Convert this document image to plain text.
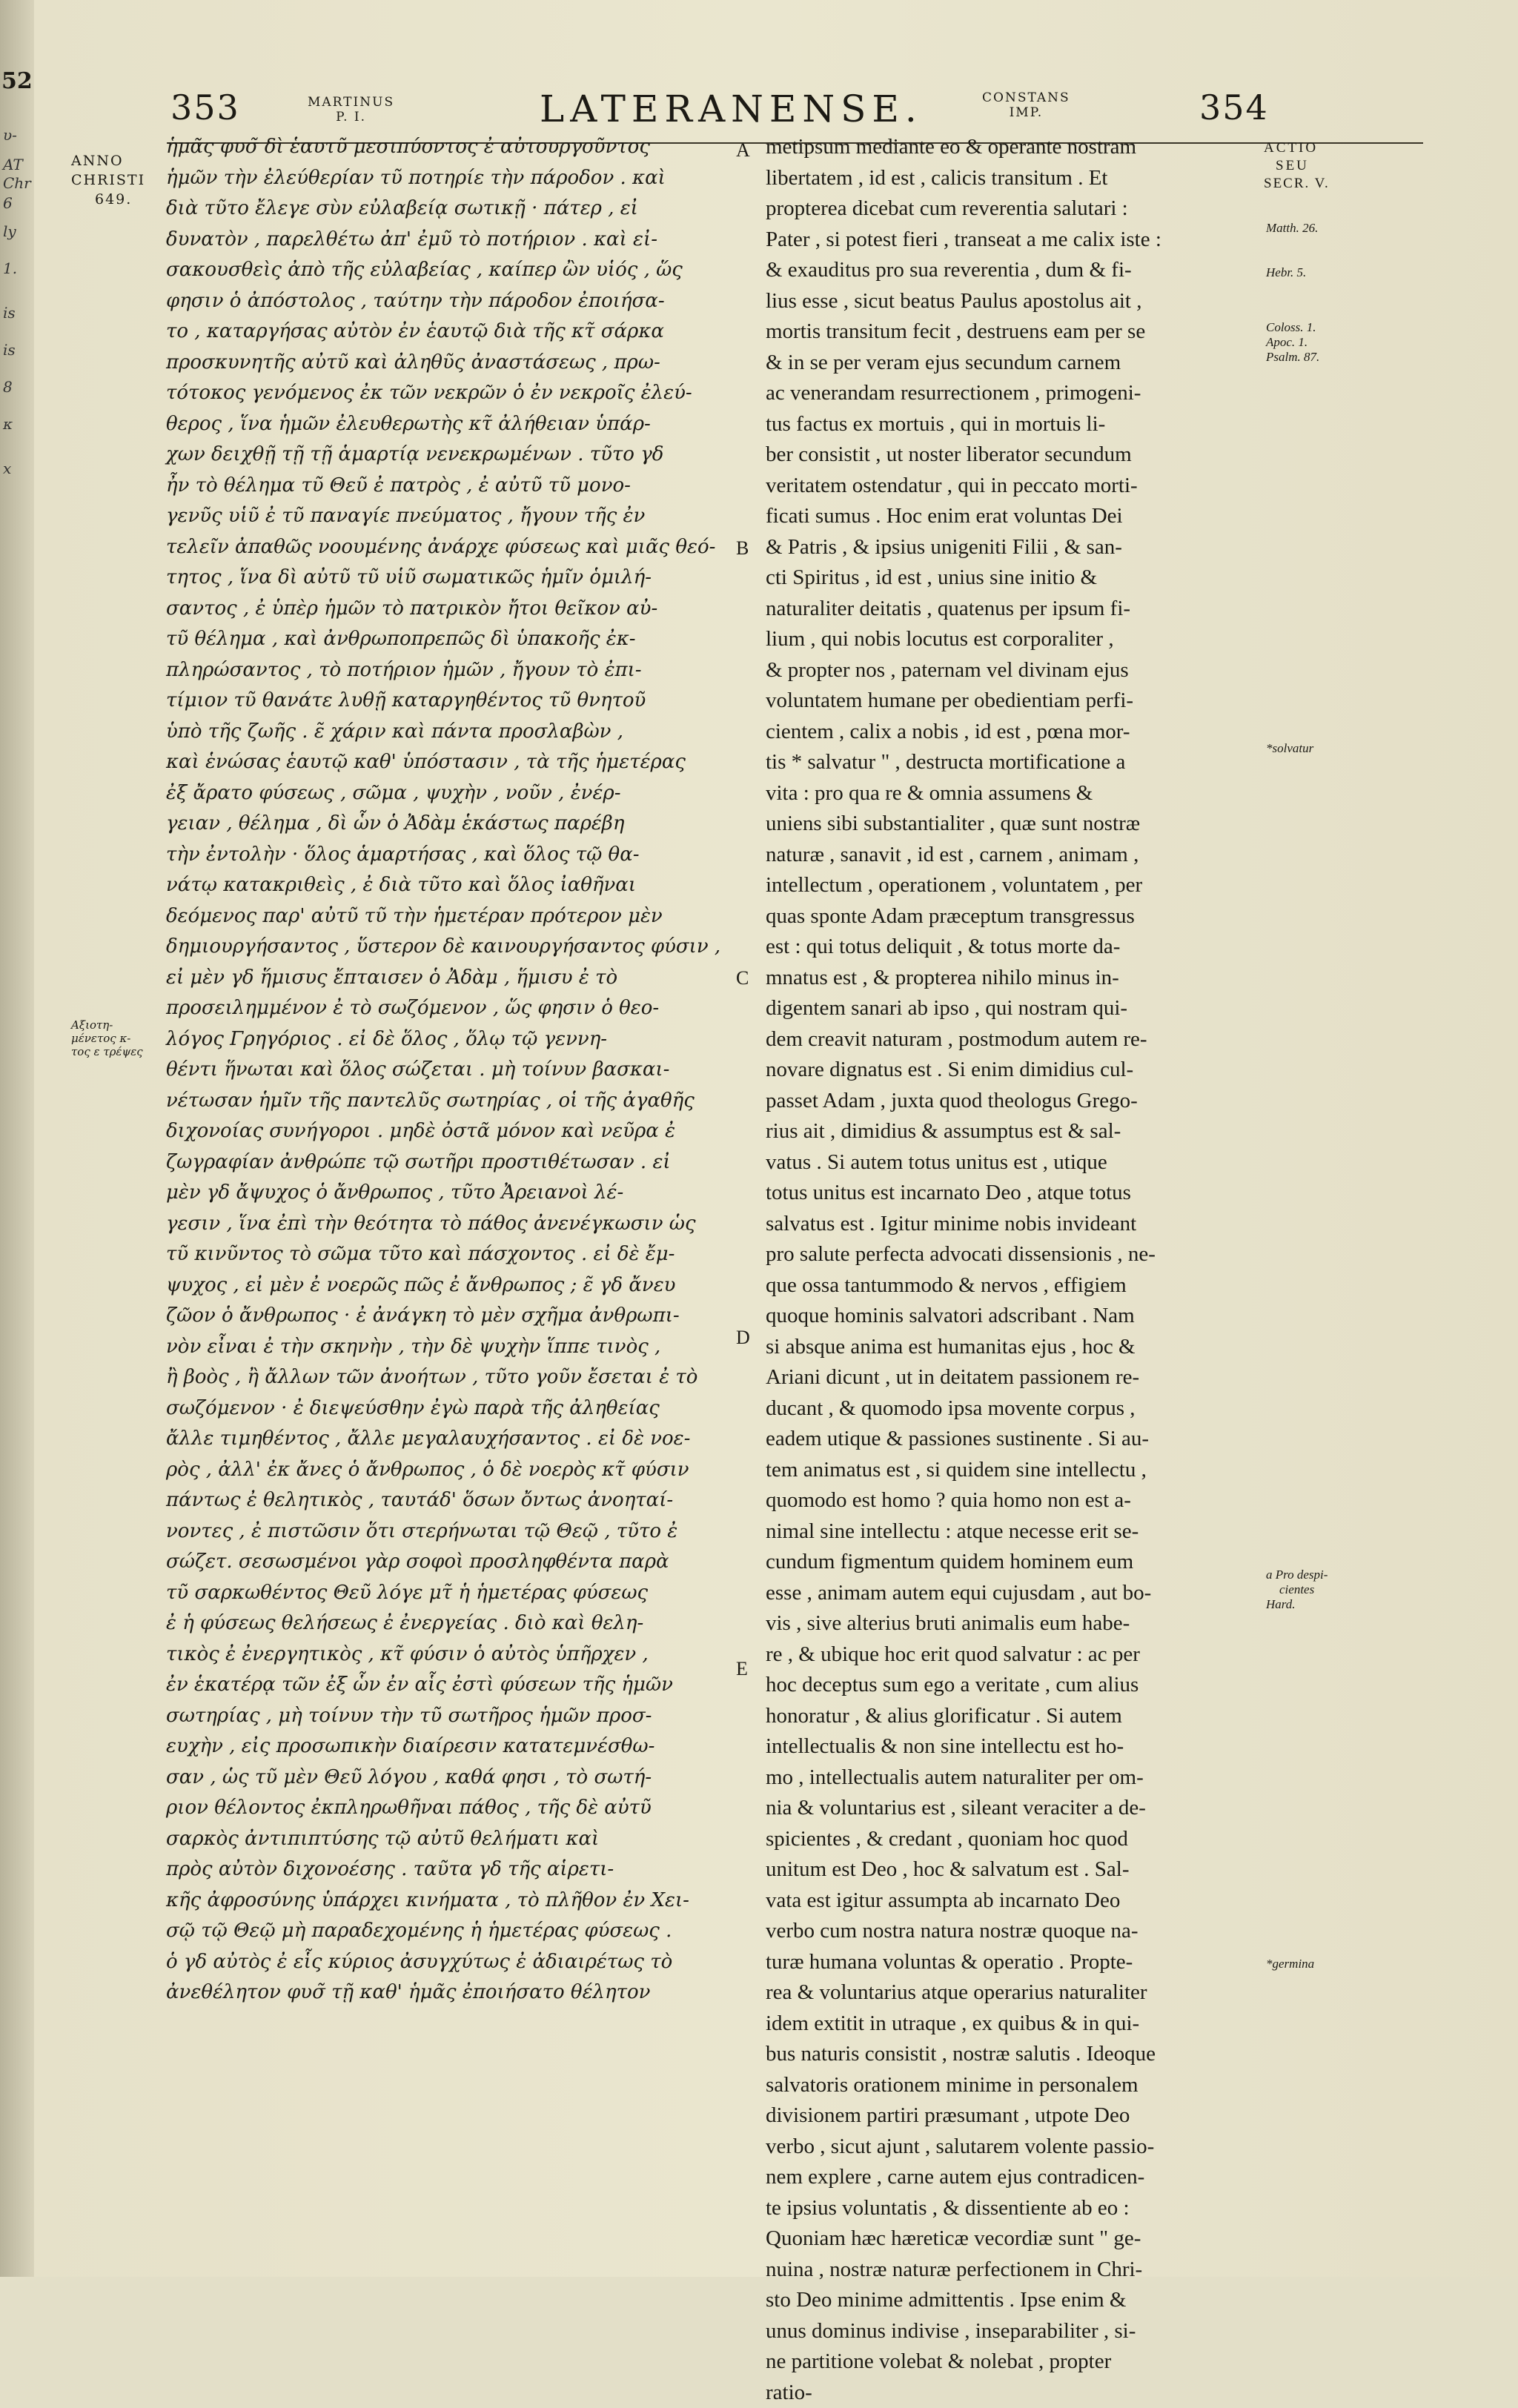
52
υ-
AT
Chr
6
ly
1.
is
is
8
κ
x
353	MARTINUS
P. I.	LATERANENSE.	CONSTANS
IMP.	354
ANNO
CHRISTI
649.
Αξιοτη-
μένετος κ-
τος ε τρέψες
ἡμᾶς φυσ̃ δὶ ἑαυτῦ μεσιπύοντος ἐ αὐτουργοῦντος
ἡμῶν τὴν ἐλεύθερίαν τῦ ποτηρίε τὴν πάροδον . καὶ
διὰ τῦτο ἔλεγε σὺν εὐλαβείᾳ σωτικῇ · πάτερ , εἰ
δυνατὸν , παρελθέτω ἀπ' ἐμῦ τὸ ποτήριον . καὶ εἰ-
σακουσθεὶς ἀπὸ τῆς εὐλαβείας , καίπερ ὢν υἱός , ὥς
φησιν ὁ ἀπόστολος , ταύτην τὴν πάροδον ἐποιήσα-
το , καταργήσας αὐτὸν ἐν ἑαυτῷ διὰ τῆς κτ̃ σάρκα
προσκυνητῆς αὐτῦ καὶ ἀληθῦς ἀναστάσεως , πρω-
τότοκος γενόμενος ἐκ τῶν νεκρῶν ὁ ἐν νεκροῖς ἐλεύ-
θερος , ἵνα ἡμῶν ἐλευθερωτὴς κτ̃ ἀλήθειαν ὑπάρ-
χων δειχθῇ τῇ τῇ ἁμαρτίᾳ νενεκρωμένων . τῦτο γδ
ἦν τὸ θέλημα τῦ Θεῦ ἐ πατρὸς , ἐ αὐτῦ τῦ μονο-
γενῦς υἱῦ ἐ τῦ παναγίε πνεύματος , ἤγουν τῆς ἐν
τελεῖν ἀπαθῶς νοουμένης ἀνάρχε φύσεως καὶ μιᾶς θεό-
τητος , ἵνα δὶ αὐτῦ τῦ υἱῦ σωματικῶς ἡμῖν ὁμιλή-
σαντος , ἐ ὑπὲρ ἡμῶν τὸ πατρικὸν ἤτοι θεῖκον αὐ-
τῦ θέλημα , καὶ ἀνθρωποπρεπῶς δὶ ὑπακοῆς ἐκ-
πληρώσαντος , τὸ ποτήριον ἡμῶν , ἤγουν τὸ ἐπι-
τίμιον τῦ θανάτε λυθῇ καταργηθέντος τῦ θνητοῦ
ὑπὸ τῆς ζωῆς . ε̃ χάριν καὶ πάντα προσλαβὼν ,
καὶ ἑνώσας ἑαυτῷ καθ' ὑπόστασιν , τὰ τῆς ἡμετέρας
ἐξ ἄρατο φύσεως , σῶμα , ψυχὴν , νοῦν , ἐνέρ-
γειαν , θέλημα , δὶ ὧν ὁ Ἀδὰμ ἑκάστως παρέβη
τὴν ἐντολὴν · ὅλος ἁμαρτήσας , καὶ ὅλος τῷ θα-
νάτῳ κατακριθεὶς , ἐ διὰ τῦτο καὶ ὅλος ἰαθῆναι
δεόμενος παρ' αὐτῦ τῦ τὴν ἡμετέραν πρότερον μὲν
δημιουργήσαντος , ὕστερον δὲ καινουργήσαντος φύσιν ,
εἰ μὲν γδ ἥμισυς ἔπταισεν ὁ Ἀδὰμ , ἥμισυ ἐ τὸ
προσειλημμένον ἐ τὸ σωζόμενον , ὥς φησιν ὁ θεο-
λόγος Γρηγόριος . εἰ δὲ ὅλος , ὅλῳ τῷ γεννη-
θέντι ἥνωται καὶ ὅλος σώζεται . μὴ τοίνυν βασκαι-
νέτωσαν ἡμῖν τῆς παντελῦς σωτηρίας , οἱ τῆς ἀγαθῆς
διχονοίας συνήγοροι . μηδὲ ὀστᾶ μόνον καὶ νεῦρα ἐ
ζωγραφίαν ἀνθρώπε τῷ σωτῆρι προστιθέτωσαν . εἰ
μὲν γδ ἄψυχος ὁ ἄνθρωπος , τῦτο Ἀρειανοὶ λέ-
γεσιν , ἵνα ἐπὶ τὴν θεότητα τὸ πάθος ἀνενέγκωσιν ὡς
τῦ κινῦντος τὸ σῶμα τῦτο καὶ πάσχοντος . εἰ δὲ ἔμ-
ψυχος , εἰ μὲν ἐ νοερῶς πῶς ἐ ἄνθρωπος ; ε̃ γδ ἄνευ
ζῶον ὁ ἄνθρωπος · ἐ ἀνάγκη τὸ μὲν σχῆμα ἀνθρωπι-
νὸν εἶναι ἐ τὴν σκηνὴν , τὴν δὲ ψυχὴν ἵππε τινὸς ,
ἢ βοὸς , ἢ ἄλλων τῶν ἀνοήτων , τῦτο γοῦν ἔσεται ἐ τὸ
σωζόμενον · ἐ διεψεύσθην ἐγὼ παρὰ τῆς ἀληθείας
ἄλλε τιμηθέντος , ἄλλε μεγαλαυχήσαντος . εἰ δὲ νοε-
ρὸς , ἀλλ' ἐκ ἄνες ὁ ἄνθρωπος , ὁ δὲ νοερὸς κτ̃ φύσιν
πάντως ἐ θελητικὸς , ταυτάδ' ὅσων ὄντως ἀνοηταί-
νοντες , ἐ πιστῶσιν ὅτι στερήνωται τῷ Θεῷ , τῦτο ἐ
σώζετ. σεσωσμένοι γὰρ σοφοὶ προσληφθέντα παρὰ
τῦ σαρκωθέντος Θεῦ λόγε μτ̃ ἡ ἡμετέρας φύσεως
ἐ ἡ φύσεως θελήσεως ἐ ἐνεργείας . διὸ καὶ θελη-
τικὸς ἐ ἐνεργητικὸς , κτ̃ φύσιν ὁ αὐτὸς ὑπῆρχεν ,
ἐν ἑκατέρᾳ τῶν ἐξ ὧν ἐν αἷς ἐστὶ φύσεων τῆς ἡμῶν
σωτηρίας , μὴ τοίνυν τὴν τῦ σωτῆρος ἡμῶν προσ-
ευχὴν , εἰς προσωπικὴν διαίρεσιν κατατεμνέσθω-
σαν , ὡς τῦ μὲν Θεῦ λόγου , καθά φησι , τὸ σωτή-
ριον θέλοντος ἐκπληρωθῆναι πάθος , τῆς δὲ αὐτῦ
σαρκὸς ἀντιπιπτύσης τῷ αὐτῦ θελήματι καὶ
πρὸς αὐτὸν διχονοέσης . ταῦτα γδ τῆς αἱρετι-
κῆς ἀφροσύνης ὑπάρχει κινήματα , τὸ πλῆθον ἐν Χει-
σῷ τῷ Θεῷ μὴ παραδεχομένης ἡ ἡμετέρας φύσεως .
ὁ γδ αὐτὸς ἐ εἷς κύριος ἀσυγχύτως ἐ ἀδιαιρέτως τὸ
ἀνεθέλητον φυσ̃ τῇ καθ' ἡμᾶς ἐποιήσατο θέλητον
A
B
C
D
E
metipsum mediante eo & operante nostram
libertatem , id est , calicis transitum . Et
propterea dicebat cum reverentia salutari :
Pater , si potest fieri , transeat a me calix iste :
& exauditus pro sua reverentia , dum & fi-
lius esse , sicut beatus Paulus apostolus ait ,
mortis transitum fecit , destruens eam per se
& in se per veram ejus secundum carnem
ac venerandam resurrectionem , primogeni-
tus factus ex mortuis , qui in mortuis li-
ber consistit , ut noster liberator secundum
veritatem ostendatur , qui in peccato morti-
ficati sumus . Hoc enim erat voluntas Dei
& Patris , & ipsius unigeniti Filii , & san-
cti Spiritus , id est , unius sine initio &
naturaliter deitatis , quatenus per ipsum fi-
lium , qui nobis locutus est corporaliter ,
& propter nos , paternam vel divinam ejus
voluntatem humane per obedientiam perfi-
cientem , calix a nobis , id est , pœna mor-
tis * salvatur " , destructa mortificatione a
vita : pro qua re & omnia assumens &
uniens sibi substantialiter , quæ sunt nostræ
naturæ , sanavit , id est , carnem , animam ,
intellectum , operationem , voluntatem , per
quas sponte Adam præceptum transgressus
est : qui totus deliquit , & totus morte da-
mnatus est , & propterea nihilo minus in-
digentem sanari ab ipso , qui nostram qui-
dem creavit naturam , postmodum autem re-
novare dignatus est . Si enim dimidius cul-
passet Adam , juxta quod theologus Grego-
rius ait , dimidius & assumptus est & sal-
vatus . Si autem totus unitus est , utique
totus unitus est incarnato Deo , atque totus
salvatus est . Igitur minime nobis invideant
pro salute perfecta advocati dissensionis , ne-
que ossa tantummodo & nervos , effigiem
quoque hominis salvatori adscribant . Nam
si absque anima est humanitas ejus , hoc &
Ariani dicunt , ut in deitatem passionem re-
ducant , & quomodo ipsa movente corpus ,
eadem utique & passiones sustinente . Si au-
tem animatus est , si quidem sine intellectu ,
quomodo est homo ? quia homo non est a-
nimal sine intellectu : atque necesse erit se-
cundum figmentum quidem hominem eum
esse , animam autem equi cujusdam , aut bo-
vis , sive alterius bruti animalis eum habe-
re , & ubique hoc erit quod salvatur : ac per
hoc deceptus sum ego a veritate , cum alius
honoratur , & alius glorificatur . Si autem
intellectualis & non sine intellectu est ho-
mo , intellectualis autem naturaliter per om-
nia & voluntarius est , sileant veraciter a de-
spicientes , & credant , quoniam hoc quod
unitum est Deo , hoc & salvatum est . Sal-
vata est igitur assumpta ab incarnato Deo
verbo cum nostra natura nostræ quoque na-
turæ humana voluntas & operatio . Propte-
rea & voluntarius atque operarius naturaliter
idem extitit in utraque , ex quibus & in qui-
bus naturis consistit , nostræ salutis . Ideoque
salvatoris orationem minime in personalem
divisionem partiri præsumant , utpote Deo
verbo , sicut ajunt , salutarem volente passio-
nem explere , carne autem ejus contradicen-
te ipsius voluntatis , & dissentiente ab eo :
Quoniam hæc hæreticæ vecordiæ sunt " ge-
nuina , nostræ naturæ perfectionem in Chri-
sto Deo minime admittentis . Ipse enim &
unus dominus indivise , inseparabiliter , si-
ne partitione volebat & nolebat , propter
ratio-
ACTIO
SEU
SECR. V.
Matth. 26.
Hebr. 5.
Coloss. 1.
Apoc. 1.
Psalm. 87.
*solvatur
a Pro despi-
cientes
Hard.
*germina
